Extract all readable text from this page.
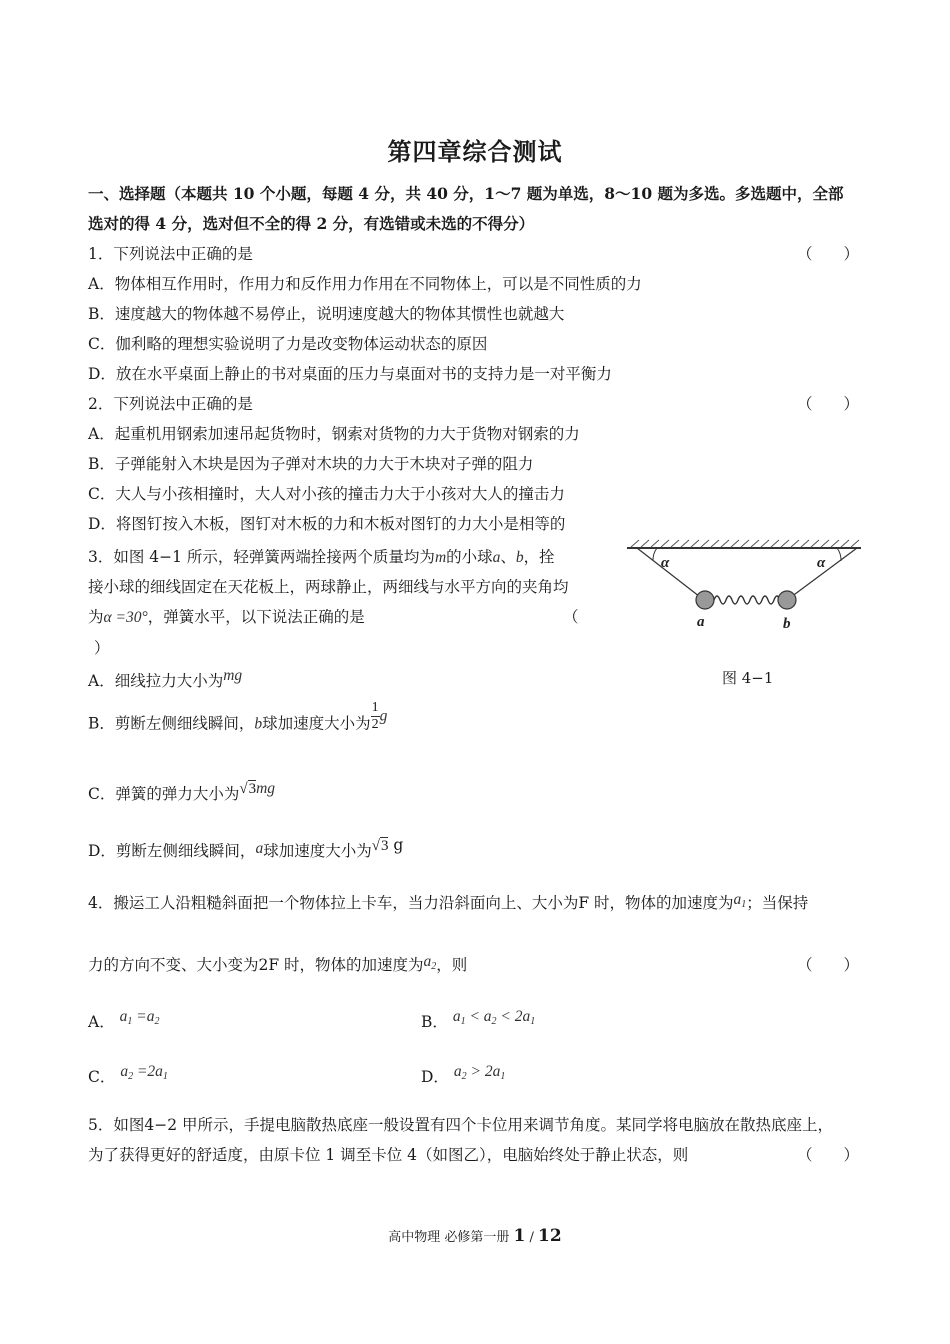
第四章综合测试
一、选择题（本题共 10 个小题，每题 4 分，共 40 分，1～7 题为单选，8～10 题为多选。多选题中，全部
选对的得 4 分，选对但不全的得 2 分，有选错或未选的不得分）
1．下列说法中正确的是	（　　）
A．物体相互作用时，作用力和反作用力作用在不同物体上，可以是不同性质的力
B．速度越大的物体越不易停止，说明速度越大的物体其惯性也就越大
C．伽利略的理想实验说明了力是改变物体运动状态的原因
D．放在水平桌面上静止的书对桌面的压力与桌面对书的支持力是一对平衡力
2．下列说法中正确的是	（　　）
A．起重机用钢索加速吊起货物时，钢索对货物的力大于货物对钢索的力
B．子弹能射入木块是因为子弹对木块的力大于木块对子弹的阻力
C．大人与小孩相撞时，大人对小孩的撞击力大于小孩对大人的撞击力
D．将图钉按入木板，图钉对木板的力和木板对图钉的力大小是相等的
3．如图 4−1 所示，轻弹簧两端拴接两个质量均为m的小球a、b，拴
接小球的细线固定在天花板上，两球静止，两细线与水平方向的夹角均
为α =30°，弹簧水平，以下说法正确的是	（
）
α	α
a	b
图 4−1
A．细线拉力大小为mg
B．剪断左侧细线瞬间，b球加速度大小为 $\frac{1}{2}$ g
C．弹簧的弹力大小为√3mg
D．剪断左侧细线瞬间，a球加速度大小为√3 g
4．搬运工人沿粗糙斜面把一个物体拉上卡车，当力沿斜面向上、大小为F 时，物体的加速度为$a_1$；当保持
力的方向不变、大小变为2F 时，物体的加速度为$a_2$，则	（　　）
A． $a_1 =a_2$	B． $a_1 < a_2 < 2a_1$
C． $a_2 =2a_1$	D． $a_2 > 2a_1$
5．如图4−2 甲所示，手提电脑散热底座一般设置有四个卡位用来调节角度。某同学将电脑放在散热底座上，
为了获得更好的舒适度，由原卡位 1 调至卡位 4（如图乙），电脑始终处于静止状态，则	（　　）
高中物理 必修第一册 1 / 12
